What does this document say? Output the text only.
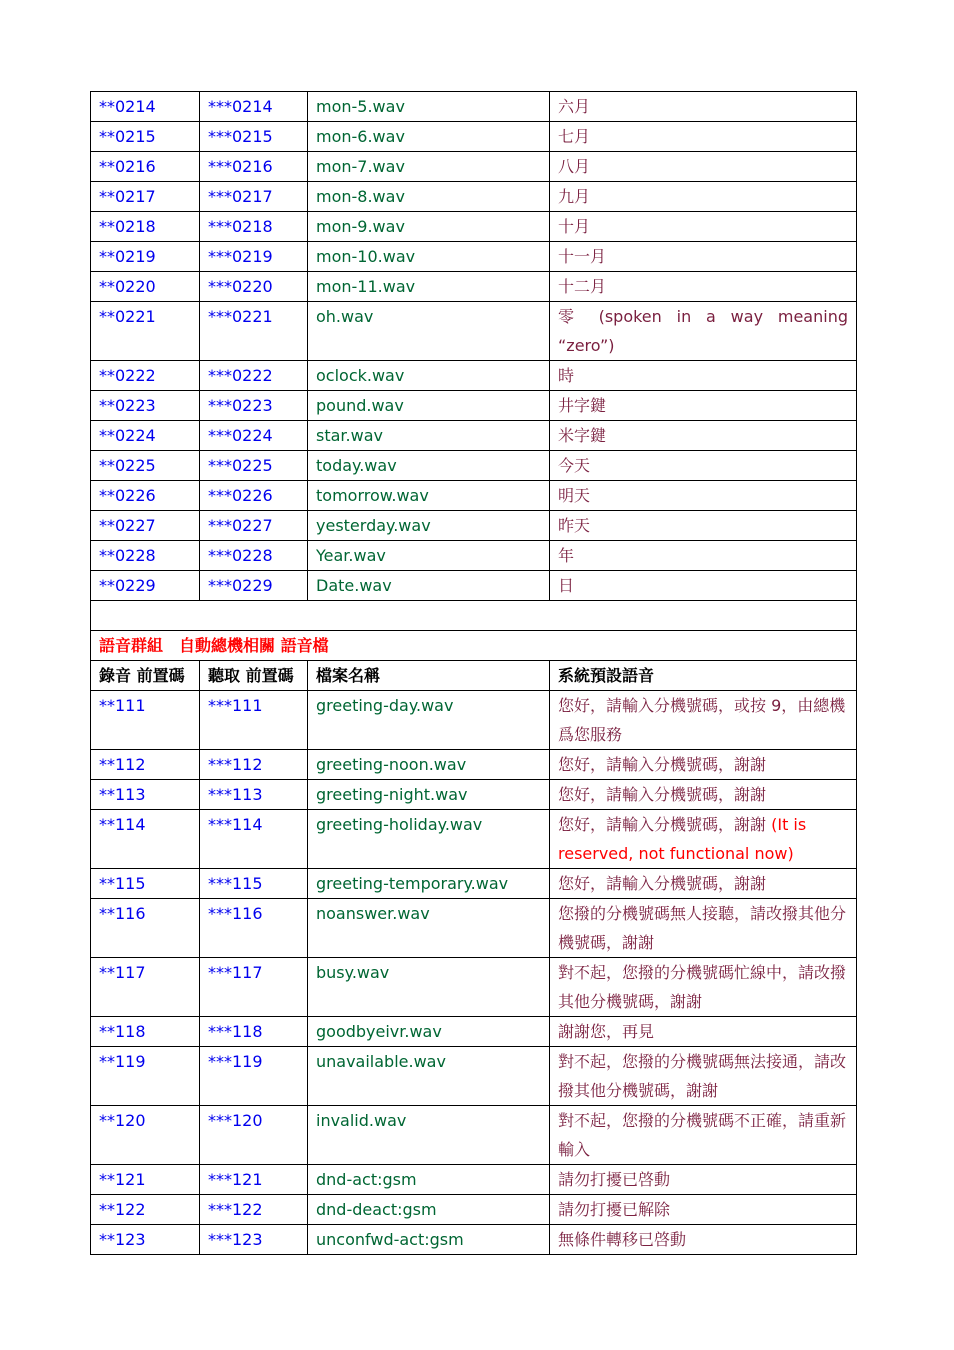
**0214	***0214	mon-5.wav	六月
**0215	***0215	mon-6.wav	七月
**0216	***0216	mon-7.wav	八月
**0217	***0217	mon-8.wav	九月
**0218	***0218	mon-9.wav	十月
**0219	***0219	mon-10.wav	十一月
**0220	***0220	mon-11.wav	十二月
**0221	***0221	oh.wav	零 (spoken in a way meaning “zero”)
**0222	***0222	oclock.wav	時
**0223	***0223	pound.wav	井字鍵
**0224	***0224	star.wav	米字鍵
**0225	***0225	today.wav	今天
**0226	***0226	tomorrow.wav	明天
**0227	***0227	yesterday.wav	昨天
**0228	***0228	Year.wav	年
**0229	***0229	Date.wav	日

語音群組　自動總機相關 語音檔			
錄音 前置碼	聽取 前置碼	檔案名稱	系統預設語音
**111	***111	greeting-day.wav	您好，請輸入分機號碼，或按 9，由總機爲您服務
**112	***112	greeting-noon.wav	您好，請輸入分機號碼，謝謝
**113	***113	greeting-night.wav	您好，請輸入分機號碼，謝謝
**114	***114	greeting-holiday.wav	您好，請輸入分機號碼，謝謝 (It is reserved, not functional now)
**115	***115	greeting-temporary.wav	您好，請輸入分機號碼，謝謝
**116	***116	noanswer.wav	您撥的分機號碼無人接聽，請改撥其他分機號碼，謝謝
**117	***117	busy.wav	對不起，您撥的分機號碼忙線中，請改撥其他分機號碼，謝謝
**118	***118	goodbyeivr.wav	謝謝您，再見
**119	***119	unavailable.wav	對不起，您撥的分機號碼無法接通，請改撥其他分機號碼，謝謝
**120	***120	invalid.wav	對不起，您撥的分機號碼不正確，請重新輸入
**121	***121	dnd-act:gsm	請勿打擾已啓動
**122	***122	dnd-deact:gsm	請勿打擾已解除
**123	***123	unconfwd-act:gsm	無條件轉移已啓動
